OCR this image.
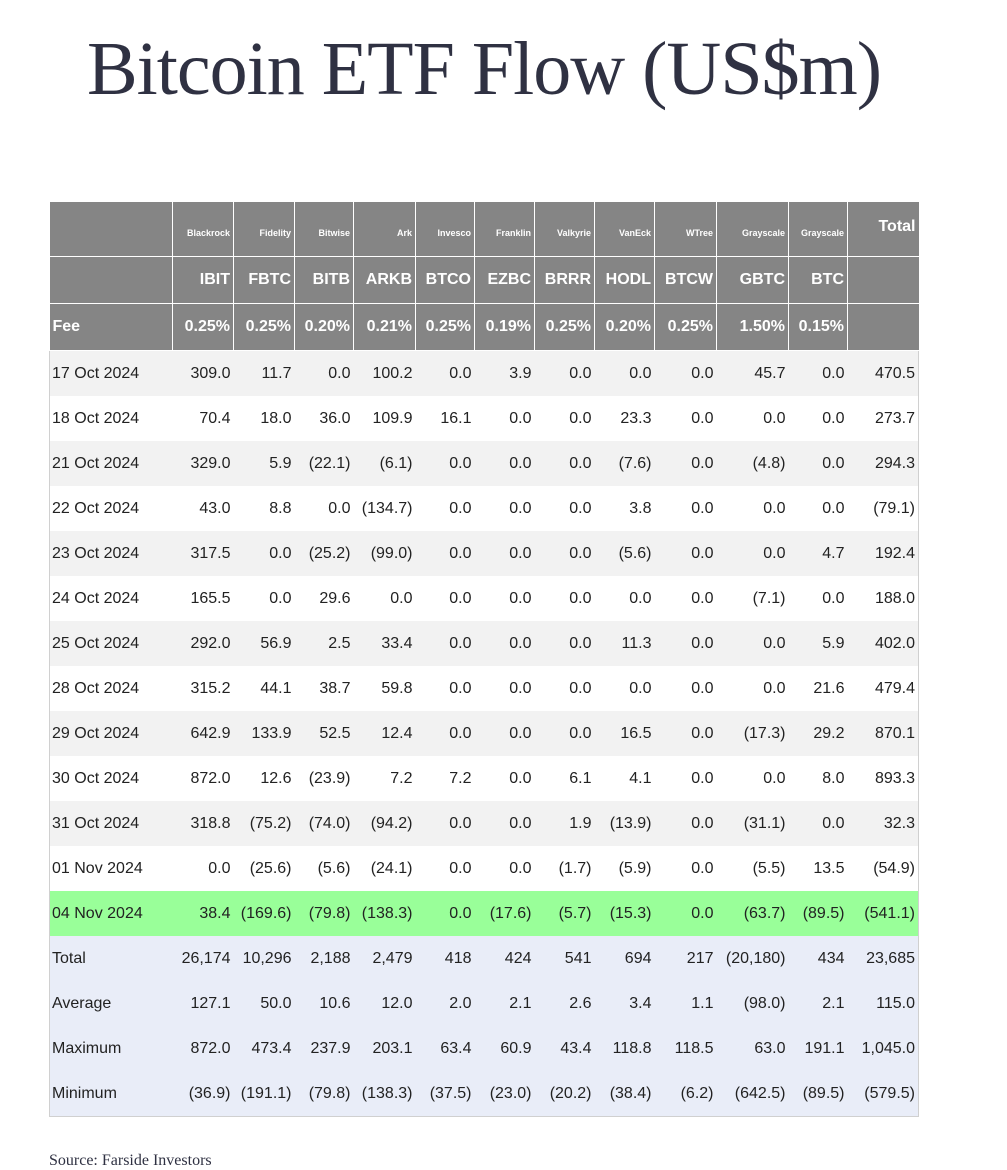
Bitcoin ETF Flow (US$m)
	Blackrock	Fidelity	Bitwise	Ark	Invesco	Franklin	Valkyrie	VanEck	WTree	Grayscale	Grayscale	Total
	IBIT	FBTC	BITB	ARKB	BTCO	EZBC	BRRR	HODL	BTCW	GBTC	BTC	
Fee	0.25%	0.25%	0.20%	0.21%	0.25%	0.19%	0.25%	0.20%	0.25%	1.50%	0.15%	
17 Oct 2024	309.0	11.7	0.0	100.2	0.0	3.9	0.0	0.0	0.0	45.7	0.0	470.5
18 Oct 2024	70.4	18.0	36.0	109.9	16.1	0.0	0.0	23.3	0.0	0.0	0.0	273.7
21 Oct 2024	329.0	5.9	(22.1)	(6.1)	0.0	0.0	0.0	(7.6)	0.0	(4.8)	0.0	294.3
22 Oct 2024	43.0	8.8	0.0	(134.7)	0.0	0.0	0.0	3.8	0.0	0.0	0.0	(79.1)
23 Oct 2024	317.5	0.0	(25.2)	(99.0)	0.0	0.0	0.0	(5.6)	0.0	0.0	4.7	192.4
24 Oct 2024	165.5	0.0	29.6	0.0	0.0	0.0	0.0	0.0	0.0	(7.1)	0.0	188.0
25 Oct 2024	292.0	56.9	2.5	33.4	0.0	0.0	0.0	11.3	0.0	0.0	5.9	402.0
28 Oct 2024	315.2	44.1	38.7	59.8	0.0	0.0	0.0	0.0	0.0	0.0	21.6	479.4
29 Oct 2024	642.9	133.9	52.5	12.4	0.0	0.0	0.0	16.5	0.0	(17.3)	29.2	870.1
30 Oct 2024	872.0	12.6	(23.9)	7.2	7.2	0.0	6.1	4.1	0.0	0.0	8.0	893.3
31 Oct 2024	318.8	(75.2)	(74.0)	(94.2)	0.0	0.0	1.9	(13.9)	0.0	(31.1)	0.0	32.3
01 Nov 2024	0.0	(25.6)	(5.6)	(24.1)	0.0	0.0	(1.7)	(5.9)	0.0	(5.5)	13.5	(54.9)
04 Nov 2024	38.4	(169.6)	(79.8)	(138.3)	0.0	(17.6)	(5.7)	(15.3)	0.0	(63.7)	(89.5)	(541.1)
Total	26,174	10,296	2,188	2,479	418	424	541	694	217	(20,180)	434	23,685
Average	127.1	50.0	10.6	12.0	2.0	2.1	2.6	3.4	1.1	(98.0)	2.1	115.0
Maximum	872.0	473.4	237.9	203.1	63.4	60.9	43.4	118.8	118.5	63.0	191.1	1,045.0
Minimum	(36.9)	(191.1)	(79.8)	(138.3)	(37.5)	(23.0)	(20.2)	(38.4)	(6.2)	(642.5)	(89.5)	(579.5)
Source: Farside Investors
